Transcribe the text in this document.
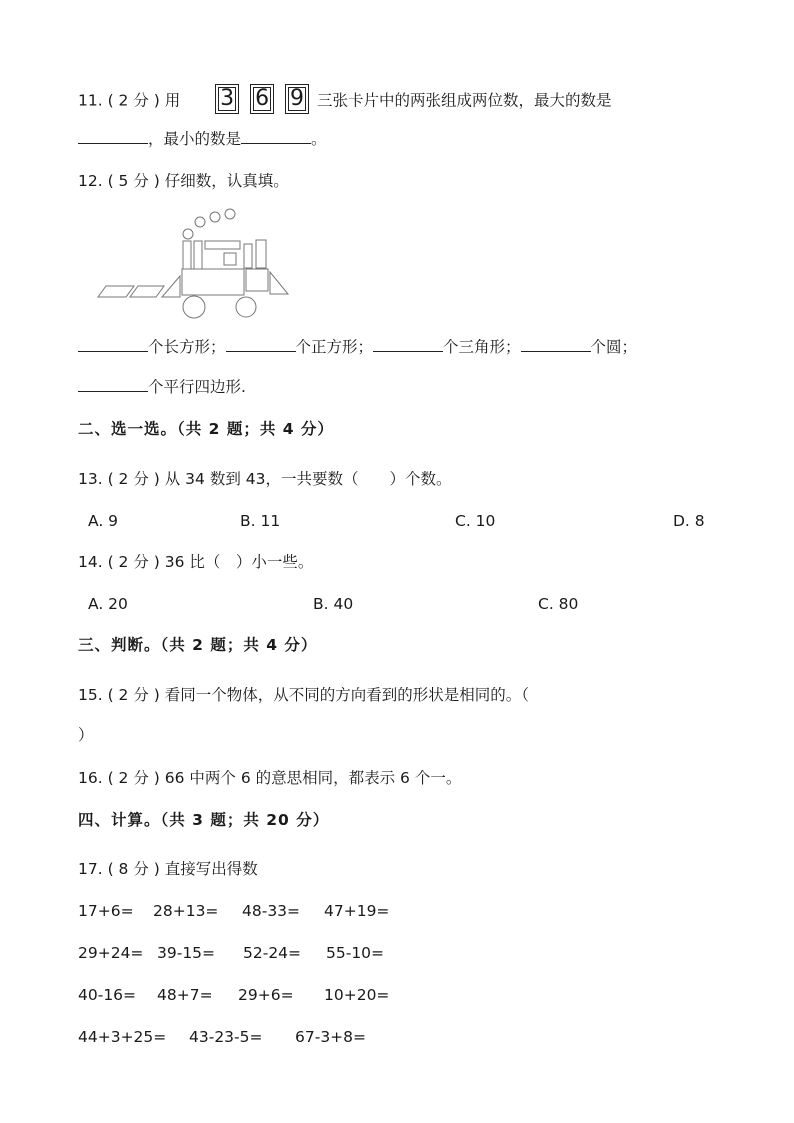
11. ( 2 分 ) 用 3 6 9 三张卡片中的两张组成两位数，最大的数是
，最小的数是	。
12. ( 5 分 ) 仔细数，认真填。
个长方形；	个正方形；	个三角形；	个圆；
个平行四边形.
二、选一选。（共 2 题；共 4 分）
13. ( 2 分 ) 从 34 数到 43，一共要数（　　）个数。
A. 9	B. 11	C. 10	D. 8
14. ( 2 分 ) 36 比（　）小一些。
A. 20	B. 40	C. 80
三、判断。（共 2 题；共 4 分）
15. ( 2 分 ) 看同一个物体，从不同的方向看到的形状是相同的。（
）
16. ( 2 分 ) 66 中两个 6 的意思相同，都表示 6 个一。
四、计算。（共 3 题；共 20 分）
17. ( 8 分 ) 直接写出得数
17+6= 28+13= 48-33= 47+19=
29+24= 39-15= 52-24= 55-10=
40-16= 48+7= 29+6= 10+20=
44+3+25= 43-23-5= 67-3+8=
